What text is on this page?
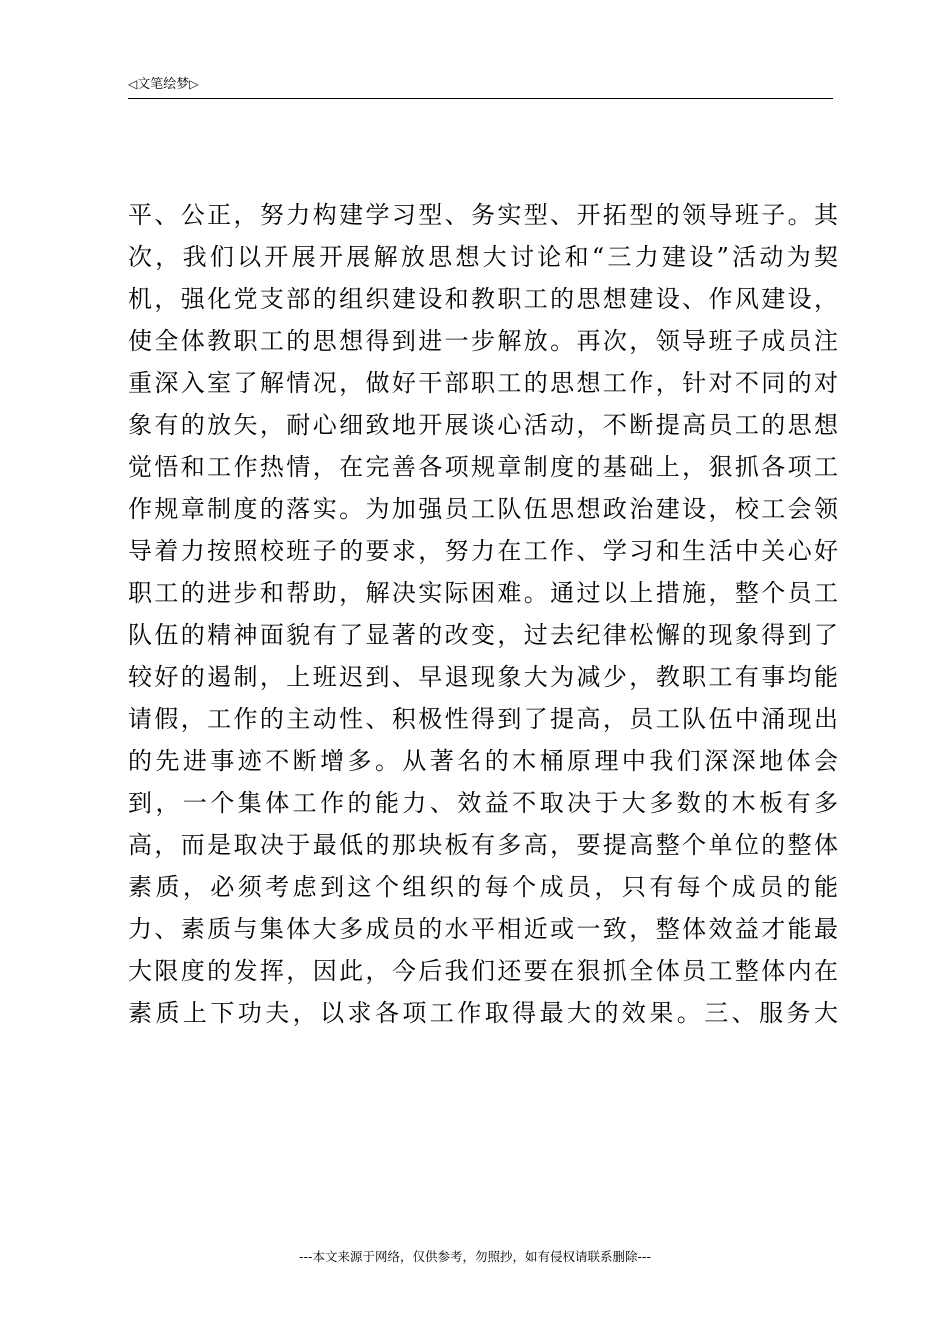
◁文笔绘梦▷
平、公正，努力构建学习型、务实型、开拓型的领导班子。其
次，我们以开展开展解放思想大讨论和“三力建设”活动为契
机，强化党支部的组织建设和教职工的思想建设、作风建设，
使全体教职工的思想得到进一步解放。再次，领导班子成员注
重深入室了解情况，做好干部职工的思想工作，针对不同的对
象有的放矢，耐心细致地开展谈心活动，不断提高员工的思想
觉悟和工作热情，在完善各项规章制度的基础上，狠抓各项工
作规章制度的落实。为加强员工队伍思想政治建设，校工会领
导着力按照校班子的要求，努力在工作、学习和生活中关心好
职工的进步和帮助，解决实际困难。通过以上措施，整个员工
队伍的精神面貌有了显著的改变，过去纪律松懈的现象得到了
较好的遏制，上班迟到、早退现象大为减少，教职工有事均能
请假，工作的主动性、积极性得到了提高，员工队伍中涌现出
的先进事迹不断增多。从著名的木桶原理中我们深深地体会
到，一个集体工作的能力、效益不取决于大多数的木板有多
高，而是取决于最低的那块板有多高，要提高整个单位的整体
素质，必须考虑到这个组织的每个成员，只有每个成员的能
力、素质与集体大多成员的水平相近或一致，整体效益才能最
大限度的发挥，因此，今后我们还要在狠抓全体员工整体内在
素质上下功夫，以求各项工作取得最大的效果。三、服务大
---本文来源于网络，仅供参考，勿照抄，如有侵权请联系删除---
